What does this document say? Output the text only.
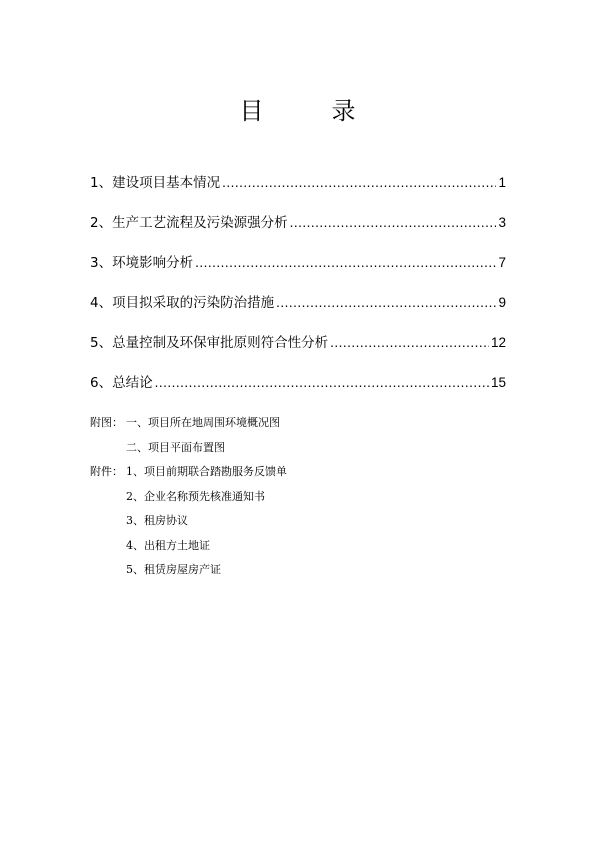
目　录
1、建设项目基本情况 .....	1
2、生产工艺流程及污染源强分析 .....	3
3、环境影响分析 .....	7
4、项目拟采取的污染防治措施 .....	9
5、总量控制及环保审批原则符合性分析 .....	12
6、总结论 .....	15
附图： 一、项目所在地周围环境概况图
二、项目平面布置图
附件： 1、项目前期联合踏勘服务反馈单
2、企业名称预先核准通知书
3、租房协议
4、出租方土地证
5、租赁房屋房产证
